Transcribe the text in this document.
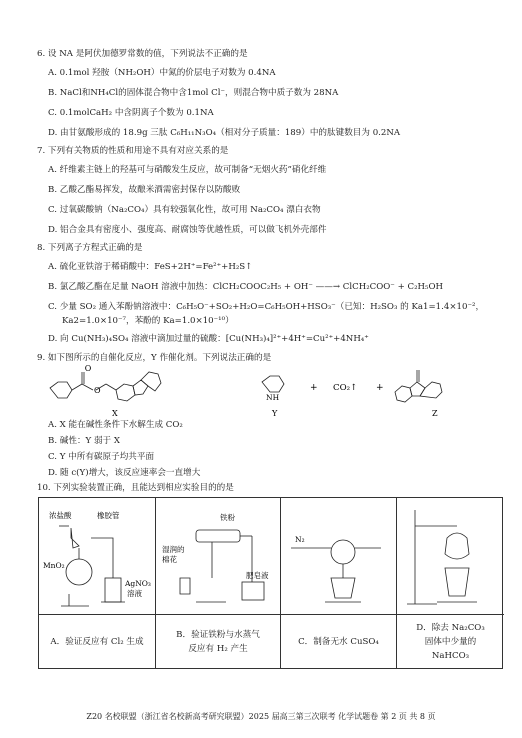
6. 设 NA 是阿伏加德罗常数的值，下列说法不正确的是
A. 0.1mol 羟胺（NH₂OH）中氮的价层电子对数为 0.4NA
B. NaCl和NH₄Cl的固体混合物中含1mol Cl⁻，则混合物中质子数为 28NA
C. 0.1molCaH₂ 中含阴离子个数为 0.1NA
D. 由甘氨酸形成的 18.9g 三肽 C₆H₁₁N₃O₄（相对分子质量：189）中的肽键数目为 0.2NA
7. 下列有关物质的性质和用途不具有对应关系的是
A. 纤维素主链上的羟基可与硝酸发生反应，故可制备“无烟火药”硝化纤维
B. 乙酸乙酯易挥发，故酿米酒需密封保存以防酸败
C. 过氧碳酸钠（Na₂CO₄）具有较强氧化性，故可用 Na₂CO₄ 漂白衣物
D. 铝合金具有密度小、强度高、耐腐蚀等优越性质，可以做飞机外壳部件
8. 下列离子方程式正确的是
A. 硫化亚铁溶于稀硝酸中：FeS+2H⁺=Fe²⁺+H₂S↑
B. 氯乙酸乙酯在足量 NaOH 溶液中加热：ClCH₂COOC₂H₅ + OH⁻ ——→ ClCH₂COO⁻ + C₂H₅OH
C. 少量 SO₂ 通入苯酚钠溶液中：C₆H₅O⁻+SO₂+H₂O=C₆H₅OH+HSO₃⁻（已知：H₂SO₃ 的 Ka1=1.4×10⁻²，
Ka2=1.0×10⁻⁷，苯酚的 Ka=1.0×10⁻¹⁰）
D. 向 Cu(NH₃)₄SO₄ 溶液中滴加过量的硫酸：[Cu(NH₃)₄]²⁺+4H⁺=Cu²⁺+4NH₄⁺
9. 如下图所示的自催化反应，Y 作催化剂。下列说法正确的是
O
O
NH
+ CO₂↑ +
X	Y	Z
A. X 能在碱性条件下水解生成 CO₂
B. 碱性：Y 弱于 X
C. Y 中所有碳原子均共平面
D. 随 c(Y)增大，该反应速率会一直增大
10. 下列实验装置正确，且能达到相应实验目的的是
浓盐酸	橡胶管
MnO₂
AgNO₃
溶液
铁粉
湿润的
棉花
肥皂液
N₂
A．验证反应有 Cl₂ 生成
B．验证铁粉与水蒸气
反应有 H₂ 产生
C．制备无水 CuSO₄
D．除去 Na₂CO₃
固体中少量的
NaHCO₃
Z20 名校联盟（浙江省名校新高考研究联盟）2025 届高三第三次联考 化学试题卷 第 2 页 共 8 页
